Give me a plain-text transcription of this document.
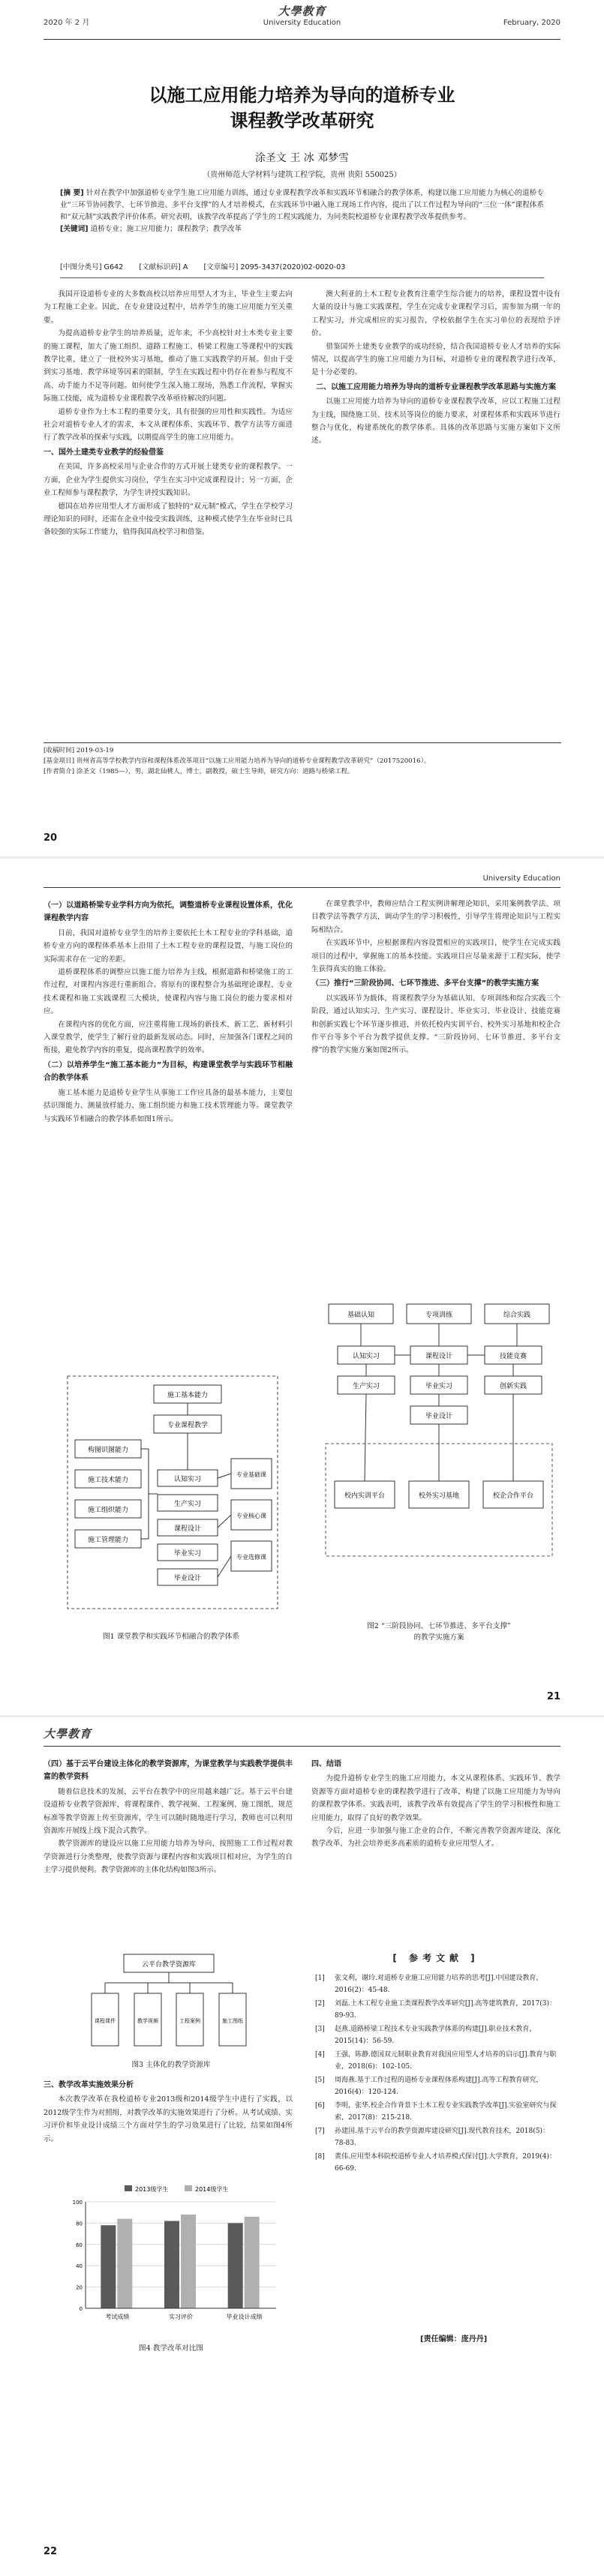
2020 年 2 月
大學教育
University Education	February, 2020
以施工应用能力培养为导向的道桥专业
课程教学改革研究
涂圣文 王 冰 邓梦雪
（贵州师范大学材料与建筑工程学院，贵州 贵阳 550025）
[摘 要] 针对在教学中加强道桥专业学生施工应用能力训练，通过专业课程教学改革和实践环节相融合的教学体系，构建以施工应用能力为核心的道桥专业“三环节协同教学、七环节推进、多平台支撑”的人才培养模式，在实践环节中融入施工现场工作内容，提出了以工作过程为导向的“三位一体”课程体系和“双元制”实践教学评价体系。研究表明，该教学改革提高了学生的工程实践能力，为同类院校道桥专业课程教学改革提供参考。
[关键词] 道桥专业；施工应用能力；课程教学；教学改革
[中图分类号] G642 [文献标识码] A [文章编号] 2095-3437(2020)02-0020-03

我国开设道桥专业的大多数高校以培养应用型人才为主，毕业生主要去向为工程施工企业。因此，在专业建设过程中，培养学生的施工应用能力至关重要。

为提高道桥专业学生的培养质量，近年来，不少高校针对土木类专业主要的施工课程，加大了施工组织、道路工程施工、桥梁工程施工等课程中的实践教学比重，建立了一批校外实习基地，推动了施工实践教学的开展。但由于受到实习基地、教学环境等因素的限制，学生在实践过程中仍存在着参与程度不高、动手能力不足等问题。如何使学生深入施工现场，熟悉工作流程，掌握实际施工技能，成为道桥专业课程教学改革亟待解决的问题。

道桥专业作为土木工程的重要分支，具有很强的应用性和实践性。为适应社会对道桥专业人才的需求，本文从课程体系、实践环节、教学方法等方面进行了教学改革的探索与实践，以期提高学生的施工应用能力。

一、国外土建类专业教学的经验借鉴

在美国，许多高校采用与企业合作的方式开展土建类专业的课程教学。一方面，企业为学生提供实习岗位，学生在实习中完成课程设计；另一方面，企业工程师参与课程教学，为学生讲授实践知识。

德国在培养应用型人才方面形成了独特的“双元制”模式，学生在学校学习理论知识的同时，还需在企业中接受实践训练，这种模式使学生在毕业时已具备较强的实际工作能力，值得我国高校学习和借鉴。

澳大利亚的土木工程专业教育注重学生综合能力的培养，课程设置中设有大量的设计与施工实践课程，学生在完成专业课程学习后，需参加为期一年的工程实习，并完成相应的实习报告，学校依据学生在实习单位的表现给予评价。

借鉴国外土建类专业教学的成功经验，结合我国道桥专业人才培养的实际情况，以提高学生的施工应用能力为目标，对道桥专业的课程教学进行改革，是十分必要的。

二、以施工应用能力培养为导向的道桥专业课程教学改革思路与实施方案

以施工应用能力培养为导向的道桥专业课程教学改革，应以工程施工过程为主线，围绕施工员、技术员等岗位的能力要求，对课程体系和实践环节进行整合与优化，构建系统化的教学体系。具体的改革思路与实施方案如下文所述。

[收稿时间] 2019-03-19
[基金项目] 贵州省高等学校教学内容和课程体系改革项目“以施工应用能力培养为导向的道桥专业课程教学改革研究”（2017520016）。
[作者简介] 涂圣文（1985—），男，湖北仙桃人，博士，副教授，硕士生导师，研究方向：道路与桥梁工程。
20
University Education
（一）以道路桥梁专业学科方向为依托，调整道桥专业课程设置体系，优化课程教学内容

目前，我国对道桥专业学生的培养主要依托土木工程专业的学科基础，道桥专业方向的课程体系基本上沿用了土木工程专业的课程设置，与施工岗位的实际需求存在一定的差距。

道桥课程体系的调整应以施工能力培养为主线，根据道路和桥梁施工的工作过程，对课程内容进行重新组合。将原有的课程整合为基础理论课程、专业技术课程和施工实践课程三大模块，使课程内容与施工岗位的能力要求相对应。

在课程内容的优化方面，应注重将施工现场的新技术、新工艺、新材料引入课堂教学，使学生了解行业的最新发展动态。同时，应加强各门课程之间的衔接，避免教学内容的重复，提高课程教学的效率。

（二）以培养学生“施工基本能力”为目标，构建课堂教学与实践环节相融合的教学体系

施工基本能力是道桥专业学生从事施工工作应具备的最基本能力，主要包括识图能力、测量放样能力、施工组织能力和施工技术管理能力等。课堂教学与实践环节相融合的教学体系如图1所示。

在课堂教学中，教师应结合工程实例讲解理论知识，采用案例教学法、项目教学法等教学方法，调动学生的学习积极性，引导学生将理论知识与工程实际相结合。

在实践环节中，应根据课程内容设置相应的实践项目，使学生在完成实践项目的过程中，掌握施工的基本技能。实践项目应尽量来源于工程实际，使学生获得真实的施工体验。

（三）推行“三阶段协同、七环节推进、多平台支撑”的教学实施方案

以实践环节为载体，将课程教学分为基础认知、专项训练和综合实践三个阶段，通过认知实习、生产实习、课程设计、毕业实习、毕业设计、技能竞赛和创新实践七个环节逐步推进，并依托校内实训平台、校外实习基地和校企合作平台等多个平台为教学提供支撑。“三阶段协同、七环节推进、多平台支撑”的教学实施方案如图2所示。

构图识图能力
施工技术能力
施工组织能力
施工管理能力
施工基本能力
专业课程教学
认知实习
生产实习
课程设计
毕业实习
毕业设计
专业基础课
专业核心课
专业选修课
图1 课堂教学和实践环节相融合的教学体系
基础认知	专项训练	综合实践
认知实习
生产实习
课程设计
毕业实习
毕业设计
技能竞赛
创新实践
校内实训平台	校外实习基地	校企合作平台
图2 “三阶段协同、七环节推进、多平台支撑”
的教学实施方案
21
大學教育
（四）基于云平台建设主体化的教学资源库，为课堂教学与实践教学提供丰富的教学资料

随着信息技术的发展，云平台在教学中的应用越来越广泛。基于云平台建设道桥专业教学资源库，将课程课件、教学视频、工程案例、施工图纸、规范标准等教学资源上传至资源库，学生可以随时随地进行学习，教师也可以利用资源库开展线上线下混合式教学。

教学资源库的建设应以施工应用能力培养为导向，按照施工工作过程对教学资源进行分类整理，使教学资源与课程内容和实践项目相对应，为学生的自主学习提供便利。教学资源库的主体化结构如图3所示。

云平台教学资源库
课程课件	教学视频	工程案例	施工图纸
图3 主体化的教学资源库
三、教学改革实施效果分析

本次教学改革在我校道桥专业2013级和2014级学生中进行了实践，以2012级学生作为对照组，对教学改革的实施效果进行了分析。从考试成绩、实习评价和毕业设计成绩三个方面对学生的学习效果进行了比较，结果如图4所示。

2013级学生	2014级学生
0
20
40
60
80
100
考试成绩	实习评价	毕业设计成绩
图4 教学改革对比图
四、结语

为提升道桥专业学生的施工应用能力，本文从课程体系、实践环节、教学资源等方面对道桥专业的课程教学进行了改革，构建了以施工应用能力为导向的课程教学体系。实践表明，该教学改革有效提高了学生的学习积极性和施工应用能力，取得了良好的教学效果。

今后，应进一步加强与施工企业的合作，不断完善教学资源库建设，深化教学改革，为社会培养更多高素质的道桥专业应用型人才。

[ 参考文献 ]
[1]	张文利，谢玲.对道桥专业施工应用能力培养的思考[J].中国建设教育，2016(2)：45-48.
[2]	刘磊.土木工程专业施工类课程教学改革研究[J].高等建筑教育，2017(3)：89-93.
[3]	赵燕.道路桥梁工程技术专业实践教学体系的构建[J].职业技术教育，2015(14)：56-59.
[4]	王强，陈静.德国双元制职业教育对我国应用型人才培养的启示[J].教育与职业，2018(6)：102-105.
[5]	周海燕.基于工作过程的道桥专业课程体系构建[J].高等工程教育研究，2016(4)：120-124.
[6]	李明，张华.校企合作背景下土木工程专业实践教学改革[J].实验室研究与探索，2017(8)：215-218.
[7]	孙建国.基于云平台的教学资源库建设研究[J].现代教育技术，2018(5)：78-83.
[8]	黄伟.应用型本科院校道桥专业人才培养模式探讨[J].大学教育，2019(4)：66-69.
[责任编辑：庞丹丹]
22
